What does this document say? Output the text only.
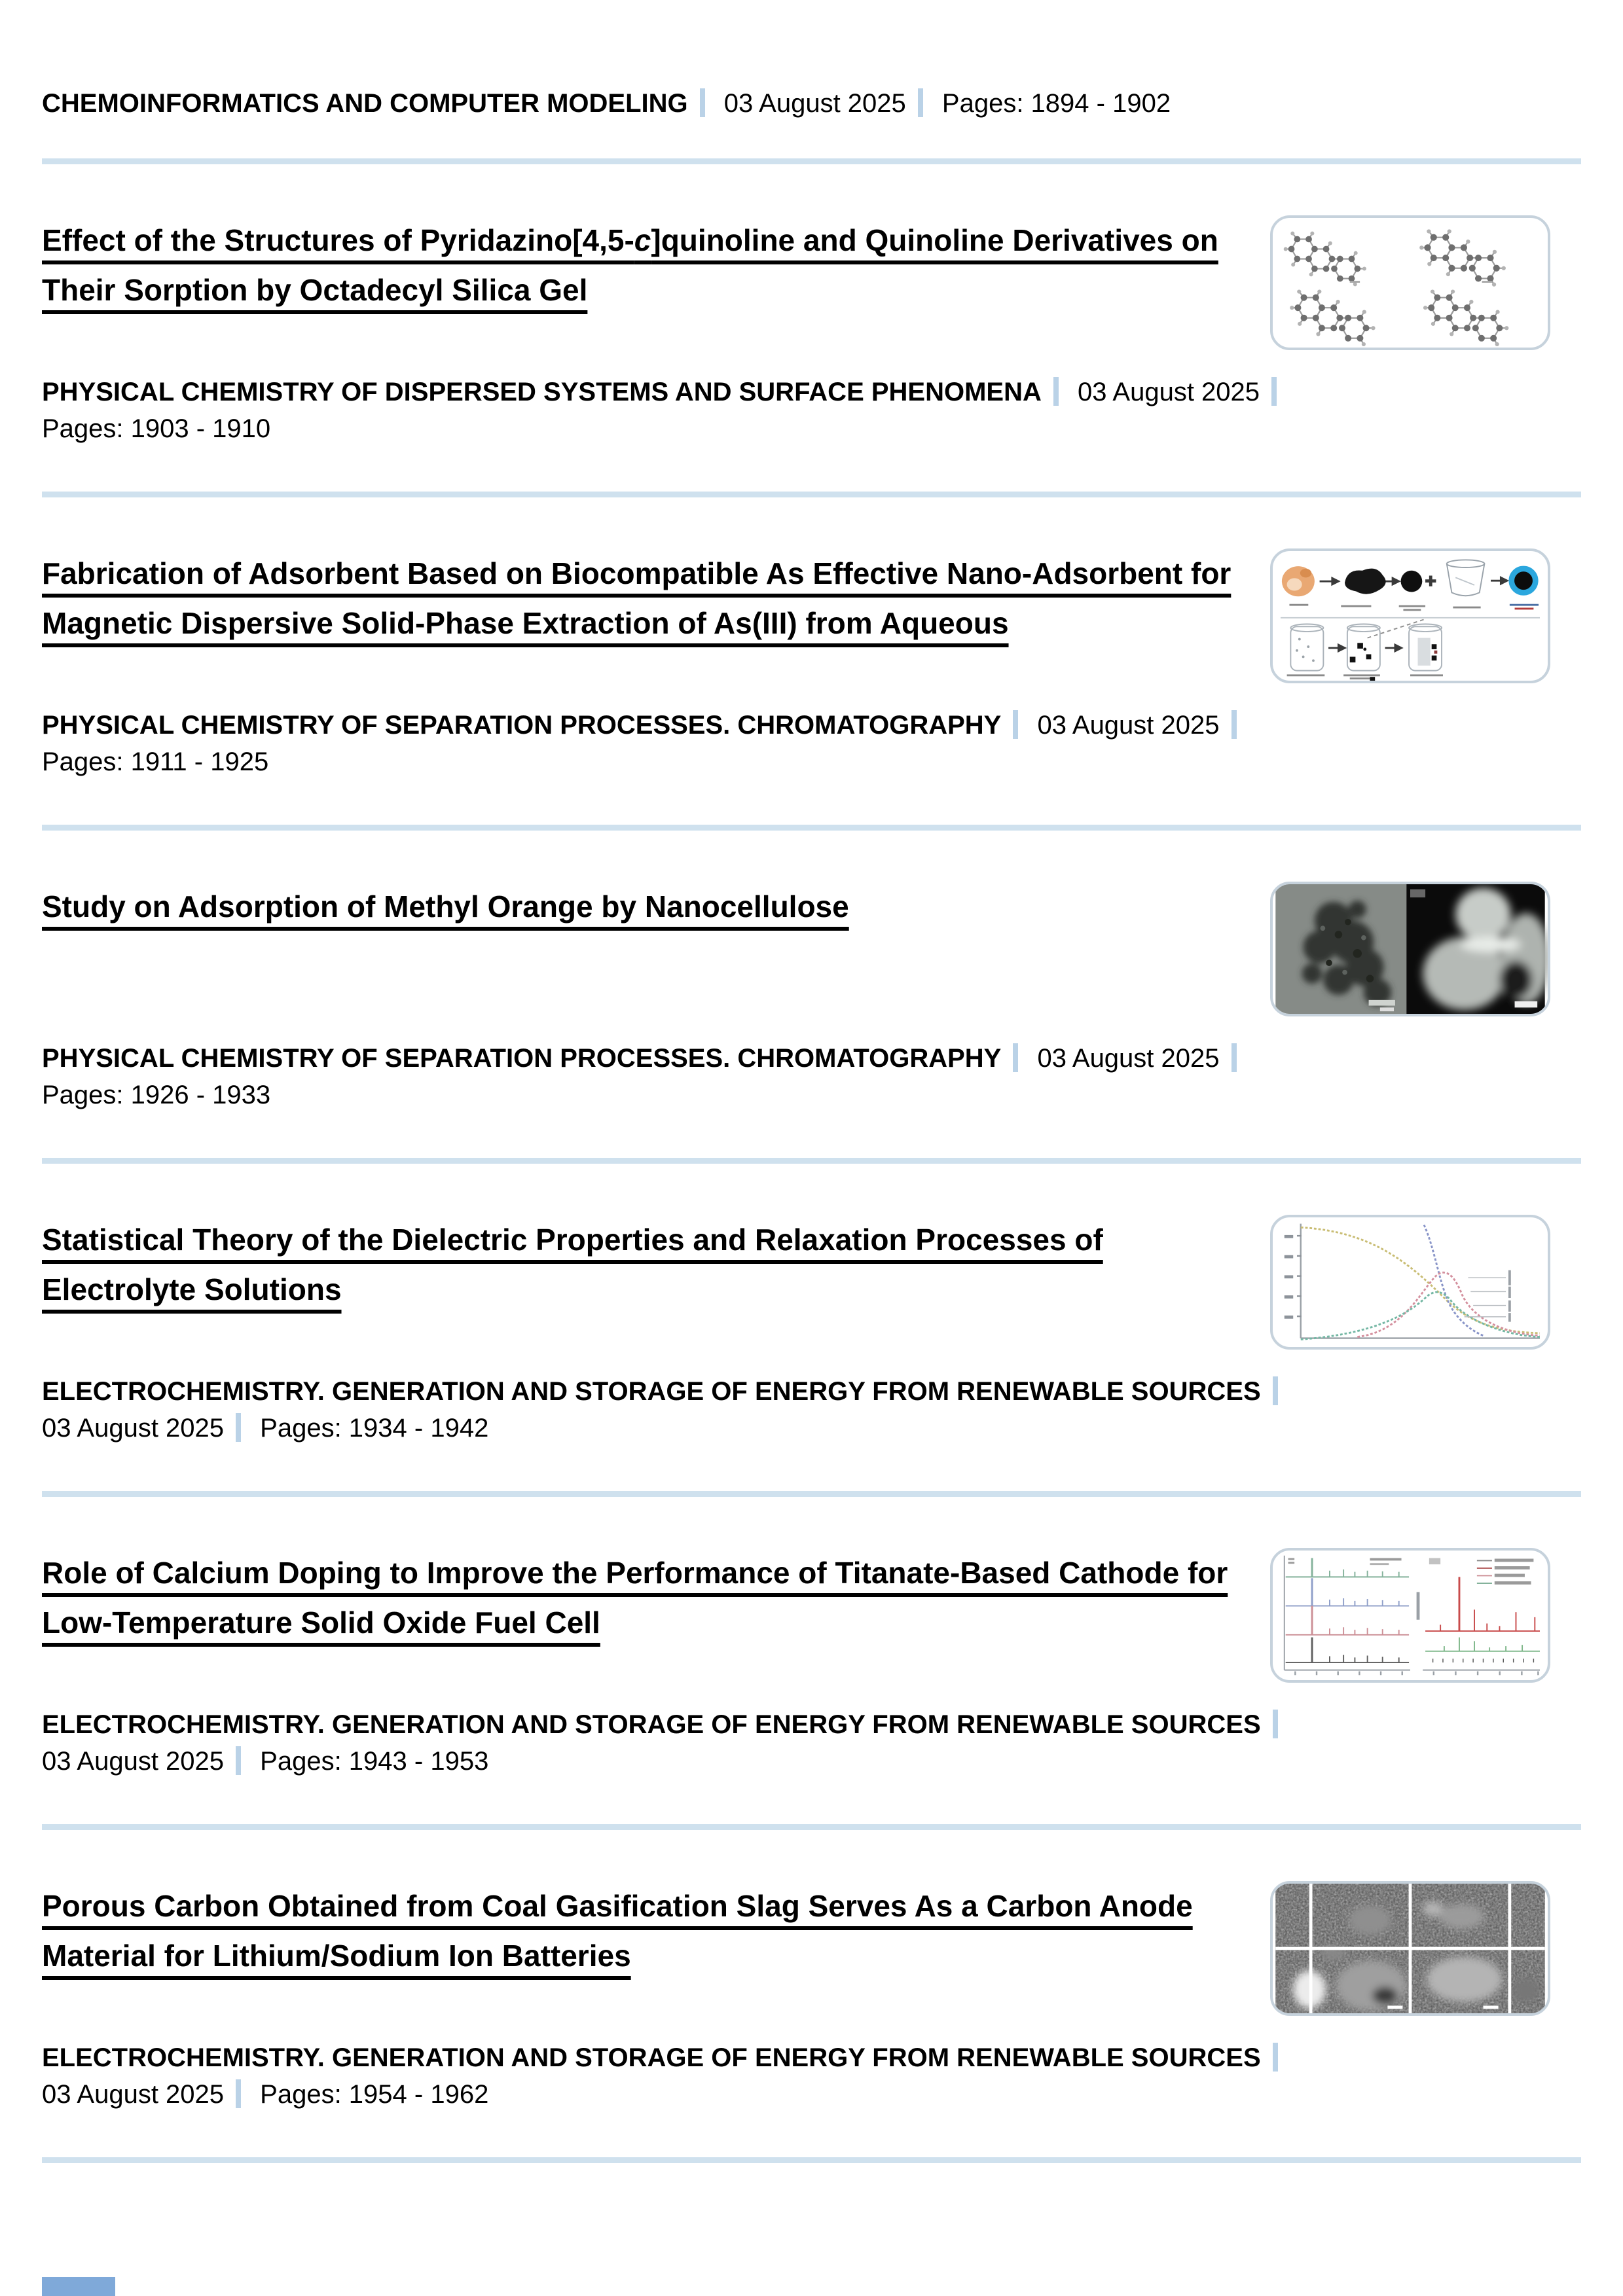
CHEMOINFORMATICS AND COMPUTER MODELING 03 August 2025 Pages: 1894 - 1902

Effect of the Structures of Pyridazino[4,5-c]quinoline and Quinoline Derivatives on Their Sorption by Octadecyl Silica Gel

PHYSICAL CHEMISTRY OF DISPERSED SYSTEMS AND SURFACE PHENOMENA 03 August 2025
Pages: 1903 - 1910

Fabrication of Adsorbent Based on Biocompatible As Effective Nano-Adsorbent for Magnetic Dispersive Solid-Phase Extraction of As(III) from Aqueous

PHYSICAL CHEMISTRY OF SEPARATION PROCESSES. CHROMATOGRAPHY 03 August 2025
Pages: 1911 - 1925

Study on Adsorption of Methyl Orange by Nanocellulose

PHYSICAL CHEMISTRY OF SEPARATION PROCESSES. CHROMATOGRAPHY 03 August 2025
Pages: 1926 - 1933

Statistical Theory of the Dielectric Properties and Relaxation Processes of Electrolyte Solutions

ELECTROCHEMISTRY. GENERATION AND STORAGE OF ENERGY FROM RENEWABLE SOURCES
03 August 2025 Pages: 1934 - 1942

Role of Calcium Doping to Improve the Performance of Titanate-Based Cathode for Low-Temperature Solid Oxide Fuel Cell

ELECTROCHEMISTRY. GENERATION AND STORAGE OF ENERGY FROM RENEWABLE SOURCES
03 August 2025 Pages: 1943 - 1953

Porous Carbon Obtained from Coal Gasification Slag Serves As a Carbon Anode Material for Lithium/Sodium Ion Batteries

ELECTROCHEMISTRY. GENERATION AND STORAGE OF ENERGY FROM RENEWABLE SOURCES
03 August 2025 Pages: 1954 - 1962
